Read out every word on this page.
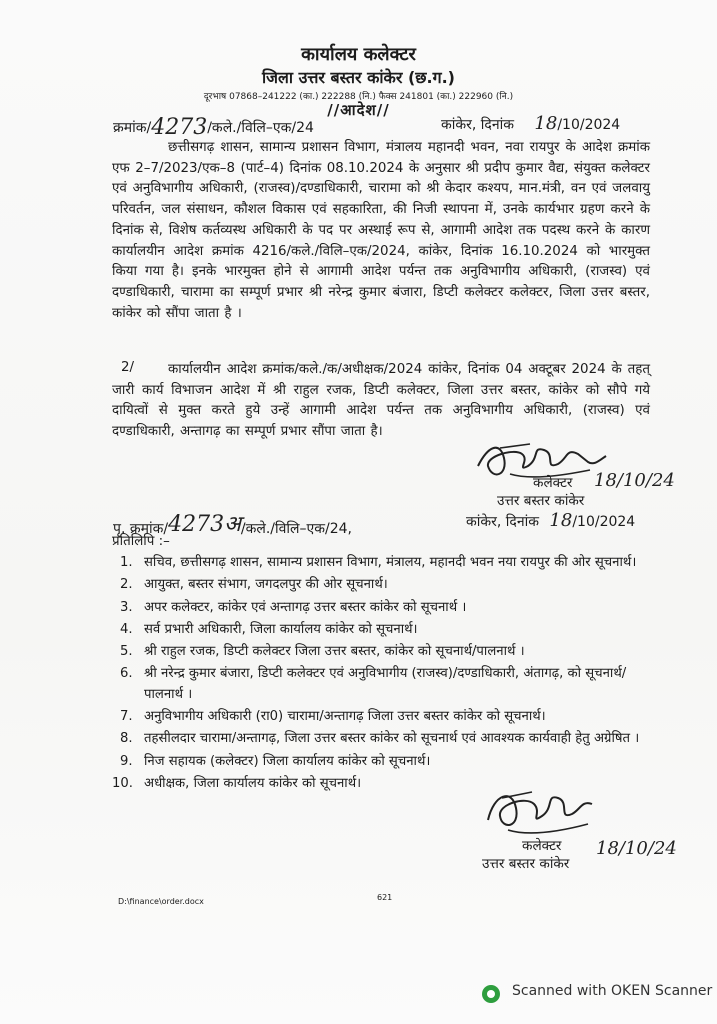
कार्यालय कलेक्टर
जिला उत्तर बस्तर कांकेर (छ.ग.)
दूरभाष 07868–241222 (का.) 222288 (नि.) फैक्स 241801 (का.) 222960 (नि.)
//आदेश//
क्रमांक/4273/कले./विलि–एक/24	कांकेर, दिनांक 18/10/2024
छत्तीसगढ़ शासन, सामान्य प्रशासन विभाग, मंत्रालय महानदी भवन, नवा रायपुर के आदेश क्रमांक एफ 2–7/2023/एक–8 (पार्ट–4) दिनांक 08.10.2024 के अनुसार श्री प्रदीप कुमार वैद्य, संयुक्त कलेक्टर एवं अनुविभागीय अधिकारी, (राजस्व)/दण्डाधिकारी, चारामा को श्री केदार कश्यप, मान.मंत्री, वन एवं जलवायु परिवर्तन, जल संसाधन, कौशल विकास एवं सहकारिता, की निजी स्थापना में, उनके कार्यभार ग्रहण करने के दिनांक से, विशेष कर्तव्यस्थ अधिकारी के पद पर अस्थाई रूप से, आगामी आदेश तक पदस्थ करने के कारण कार्यालयीन आदेश क्रमांक 4216/कले./विलि–एक/2024, कांकेर, दिनांक 16.10.2024 को भारमुक्त किया गया है। इनके भारमुक्त होने से आगामी आदेश पर्यन्त तक अनुविभागीय अधिकारी, (राजस्व) एवं दण्डाधिकारी, चारामा का सम्पूर्ण प्रभार श्री नरेन्द्र कुमार बंजारा, डिप्टी कलेक्टर कलेक्टर, जिला उत्तर बस्तर, कांकेर को सौंपा जाता है ।
2/	कार्यालयीन आदेश क्रमांक/कले./क/अधीक्षक/2024 कांकेर, दिनांक 04 अक्टूबर 2024 के तहत् जारी कार्य विभाजन आदेश में श्री राहुल रजक, डिप्टी कलेक्टर, जिला उत्तर बस्तर, कांकेर को सौपे गये दायित्वों से मुक्त करते हुये उन्हें आगामी आदेश पर्यन्त तक अनुविभागीय अधिकारी, (राजस्व) एवं दण्डाधिकारी, अन्तागढ़ का सम्पूर्ण प्रभार सौंपा जाता है।
कलेक्टर 18/10/24
उत्तर बस्तर कांकेर
पृ. क्रमांक/4273अ/कले./विलि–एक/24,	कांकेर, दिनांक 18/10/2024
प्रतिलिपि :–
1. सचिव, छत्तीसगढ़ शासन, सामान्य प्रशासन विभाग, मंत्रालय, महानदी भवन नया रायपुर की ओर सूचनार्थ।
2. आयुक्त, बस्तर संभाग, जगदलपुर की ओर सूचनार्थ।
3. अपर कलेक्टर, कांकेर एवं अन्तागढ़ उत्तर बस्तर कांकेर को सूचनार्थ ।
4. सर्व प्रभारी अधिकारी, जिला कार्यालय कांकेर को सूचनार्थ।
5. श्री राहुल रजक, डिप्टी कलेक्टर जिला उत्तर बस्तर, कांकेर को सूचनार्थ/पालनार्थ ।
6. श्री नरेन्द्र कुमार बंजारा, डिप्टी कलेक्टर एवं अनुविभागीय (राजस्व)/दण्डाधिकारी, अंतागढ़, को सूचनार्थ/पालनार्थ ।
7. अनुविभागीय अधिकारी (रा0) चारामा/अन्तागढ़ जिला उत्तर बस्तर कांकेर को सूचनार्थ।
8. तहसीलदार चारामा/अन्तागढ़, जिला उत्तर बस्तर कांकेर को सूचनार्थ एवं आवश्यक कार्यवाही हेतु अग्रेषित ।
9. निज सहायक (कलेक्टर) जिला कार्यालय कांकेर को सूचनार्थ।
10. अधीक्षक, जिला कार्यालय कांकेर को सूचनार्थ।
कलेक्टर 18/10/24
उत्तर बस्तर कांकेर
D:\finance\order.docx	621
Scanned with OKEN Scanner
